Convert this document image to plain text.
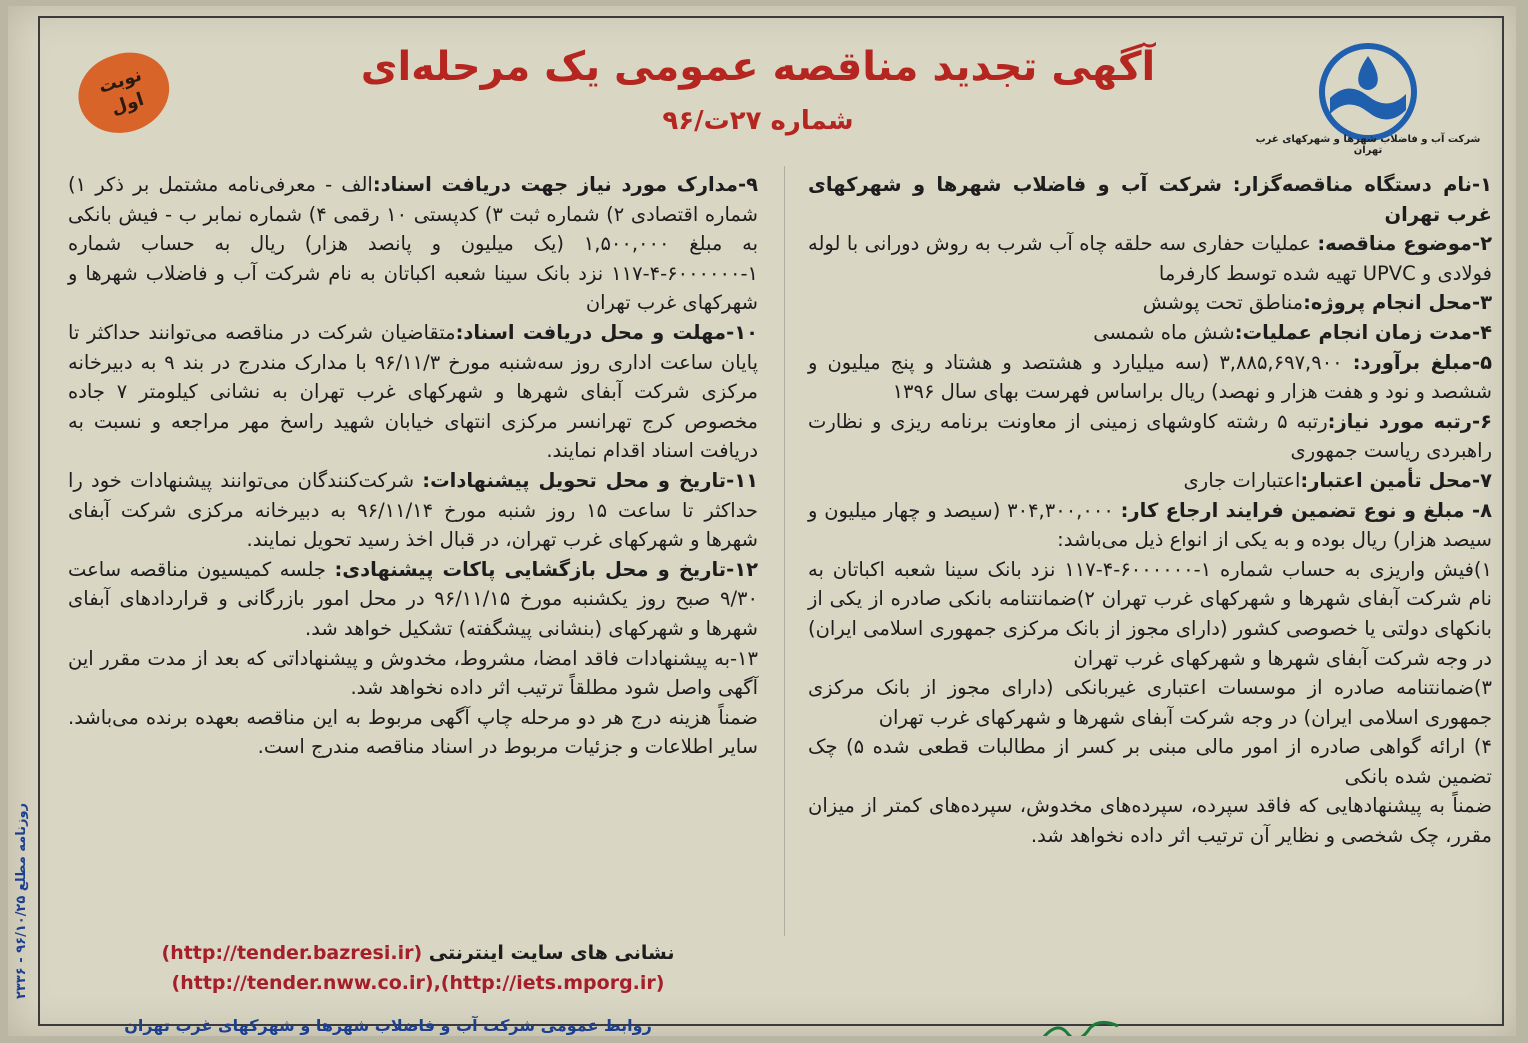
شرکت آب و فاضلاب شهرها و شهرکهای غرب تهران
نوبت
اول
آگهی تجدید مناقصه عمومی یک مرحله‌ای
شماره ۲۷ت/۹۶

۱-نام دستگاه مناقصه‌گزار: شرکت آب و فاضلاب شهرها و شهرکهای غرب تهران

۲-موضوع مناقصه: عملیات حفاری سه حلقه چاه آب شرب به روش دورانی با لوله فولادی و UPVC تهیه شده توسط کارفرما

۳-محل انجام پروژه:مناطق تحت پوشش

۴-مدت زمان انجام عملیات:شش ماه شمسی

۵-مبلغ برآورد: ۳,۸۸۵,۶۹۷,۹۰۰ (سه میلیارد و هشتصد و هشتاد و پنج میلیون و ششصد و نود و هفت هزار و نهصد) ریال براساس فهرست بهای سال ۱۳۹۶

۶-رتبه مورد نیاز:رتبه ۵ رشته کاوشهای زمینی از معاونت برنامه ریزی و نظارت راهبردی ریاست جمهوری

۷-محل تأمین اعتبار:اعتبارات جاری

۸- مبلغ و نوع تضمین فرایند ارجاع کار: ۳۰۴,۳۰۰,۰۰۰ (سیصد و چهار میلیون و سیصد هزار) ریال بوده و به یکی از انواع ذیل می‌باشد:

۱)فیش واریزی به حساب شماره ۱-۶۰۰۰۰۰۰-۴-۱۱۷ نزد بانک سینا شعبه اکباتان به نام شرکت آبفای شهرها و شهرکهای غرب تهران ۲)ضمانتنامه بانکی صادره از یکی از بانکهای دولتی یا خصوصی کشور (دارای مجوز از بانک مرکزی جمهوری اسلامی ایران) در وجه شرکت آبفای شهرها و شهرکهای غرب تهران

۳)ضمانتنامه صادره از موسسات اعتباری غیربانکی (دارای مجوز از بانک مرکزی جمهوری اسلامی ایران) در وجه شرکت آبفای شهرها و شهرکهای غرب تهران

۴) ارائه گواهی صادره از امور مالی مبنی بر کسر از مطالبات قطعی شده ۵) چک تضمین شده بانکی

ضمناً به پیشنهادهایی که فاقد سپرده، سپرده‌های مخدوش، سپرده‌های کمتر از میزان مقرر، چک شخصی و نظایر آن ترتیب اثر داده نخواهد شد.

۹-مدارک مورد نیاز جهت دریافت اسناد:الف - معرفی‌نامه مشتمل بر ذکر ۱) شماره اقتصادی ۲) شماره ثبت ۳) کدپستی ۱۰ رقمی ۴) شماره نمابر ب - فیش بانکی به مبلغ ۱,۵۰۰,۰۰۰ (یک میلیون و پانصد هزار) ریال به حساب شماره ۱-۶۰۰۰۰۰۰-۴-۱۱۷ نزد بانک سینا شعبه اکباتان به نام شرکت آب و فاضلاب شهرها و شهرکهای غرب تهران

۱۰-مهلت و محل دریافت اسناد:متقاضیان شرکت در مناقصه می‌توانند حداکثر تا پایان ساعت اداری روز سه‌شنبه مورخ ۹۶/۱۱/۳ با مدارک مندرج در بند ۹ به دبیرخانه مرکزی شرکت آبفای شهرها و شهرکهای غرب تهران به نشانی کیلومتر ۷ جاده مخصوص کرج تهرانسر مرکزی انتهای خیابان شهید راسخ مهر مراجعه و نسبت به دریافت اسناد اقدام نمایند.

۱۱-تاریخ و محل تحویل پیشنهادات: شرکت‌کنندگان می‌توانند پیشنهادات خود را حداکثر تا ساعت ۱۵ روز شنبه مورخ ۹۶/۱۱/۱۴ به دبیرخانه مرکزی شرکت آبفای شهرها و شهرکهای غرب تهران، در قبال اخذ رسید تحویل نمایند.

۱۲-تاریخ و محل بازگشایی پاکات پیشنهادی: جلسه کمیسیون مناقصه ساعت ۹/۳۰ صبح روز یکشنبه مورخ ۹۶/۱۱/۱۵ در محل امور بازرگانی و قراردادهای آبفای شهرها و شهرکهای (بنشانی پیشگفته) تشکیل خواهد شد.

۱۳-به پیشنهادات فاقد امضا، مشروط، مخدوش و پیشنهاداتی که بعد از مدت مقرر این آگهی واصل شود مطلقاً ترتیب اثر داده نخواهد شد.

ضمناً هزینه درج هر دو مرحله چاپ آگهی مربوط به این مناقصه بعهده برنده می‌باشد. سایر اطلاعات و جزئیات مربوط در اسناد مناقصه مندرج است.

نشانی های سایت اینترنتی (http://tender.bazresi.ir)
(http://tender.nww.co.ir),(http://iets.mporg.ir)
روابط عمومی شرکت آب و فاضلاب شهرها و شهرکهای غرب تهران
روزنامه مطلع ۹۶/۱۰/۲۵ - ۲۳۳۶
